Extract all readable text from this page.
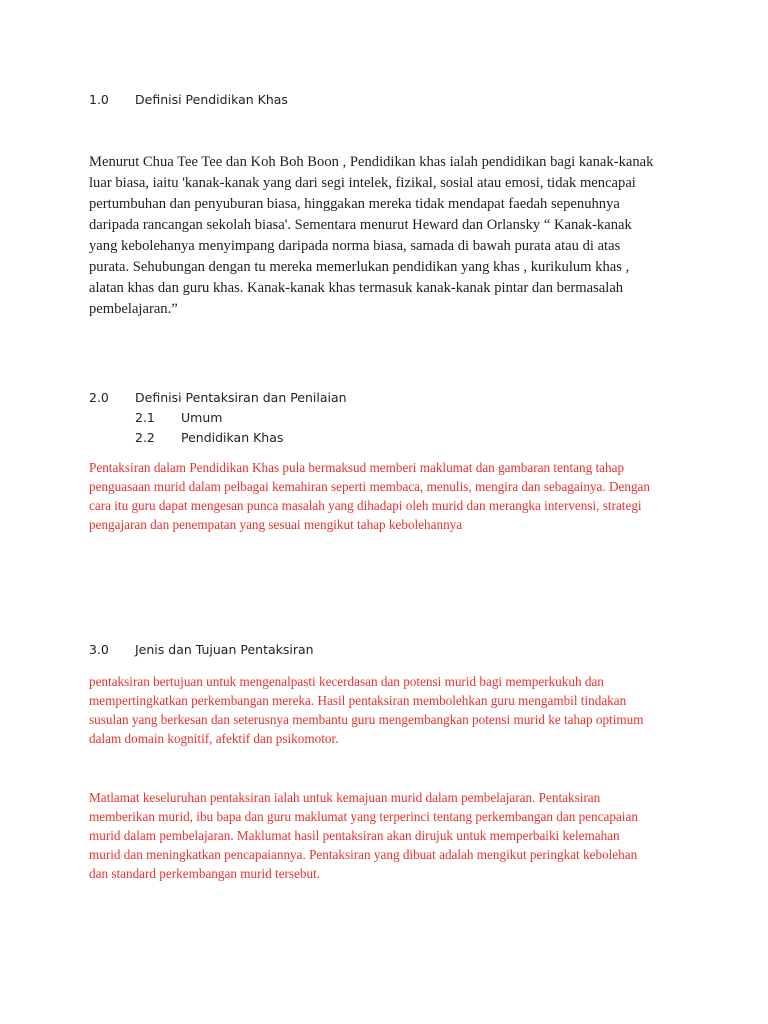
1.0 Definisi Pendidikan Khas
Menurut Chua Tee Tee dan Koh Boh Boon , Pendidikan khas ialah pendidikan bagi kanak-kanak
luar biasa, iaitu 'kanak-kanak yang dari segi intelek, fizikal, sosial atau emosi, tidak mencapai
pertumbuhan dan penyuburan biasa, hinggakan mereka tidak mendapat faedah sepenuhnya
daripada rancangan sekolah biasa'. Sementara menurut Heward dan Orlansky “ Kanak-kanak
yang kebolehanya menyimpang daripada norma biasa, samada di bawah purata atau di atas
purata. Sehubungan dengan tu mereka memerlukan pendidikan yang khas , kurikulum khas ,
alatan khas dan guru khas. Kanak-kanak khas termasuk kanak-kanak pintar dan bermasalah
pembelajaran.”
2.0 Definisi Pentaksiran dan Penilaian
2.1 Umum
2.2 Pendidikan Khas
Pentaksiran dalam Pendidikan Khas pula bermaksud memberi maklumat dan gambaran tentang tahap
penguasaan murid dalam pelbagai kemahiran seperti membaca, menulis, mengira dan sebagainya. Dengan
cara itu guru dapat mengesan punca masalah yang dihadapi oleh murid dan merangka intervensi, strategi
pengajaran dan penempatan yang sesuai mengikut tahap kebolehannya
3.0 Jenis dan Tujuan Pentaksiran
pentaksiran bertujuan untuk mengenalpasti kecerdasan dan potensi murid bagi memperkukuh dan
mempertingkatkan perkembangan mereka. Hasil pentaksiran membolehkan guru mengambil tindakan
susulan yang berkesan dan seterusnya membantu guru mengembangkan potensi murid ke tahap optimum
dalam domain kognitif, afektif dan psikomotor.
Matlamat keseluruhan pentaksiran ialah untuk kemajuan murid dalam pembelajaran. Pentaksiran
memberikan murid, ibu bapa dan guru maklumat yang terperinci tentang perkembangan dan pencapaian
murid dalam pembelajaran. Maklumat hasil pentaksiran akan dirujuk untuk memperbaiki kelemahan
murid dan meningkatkan pencapaiannya. Pentaksiran yang dibuat adalah mengikut peringkat kebolehan
dan standard perkembangan murid tersebut.
